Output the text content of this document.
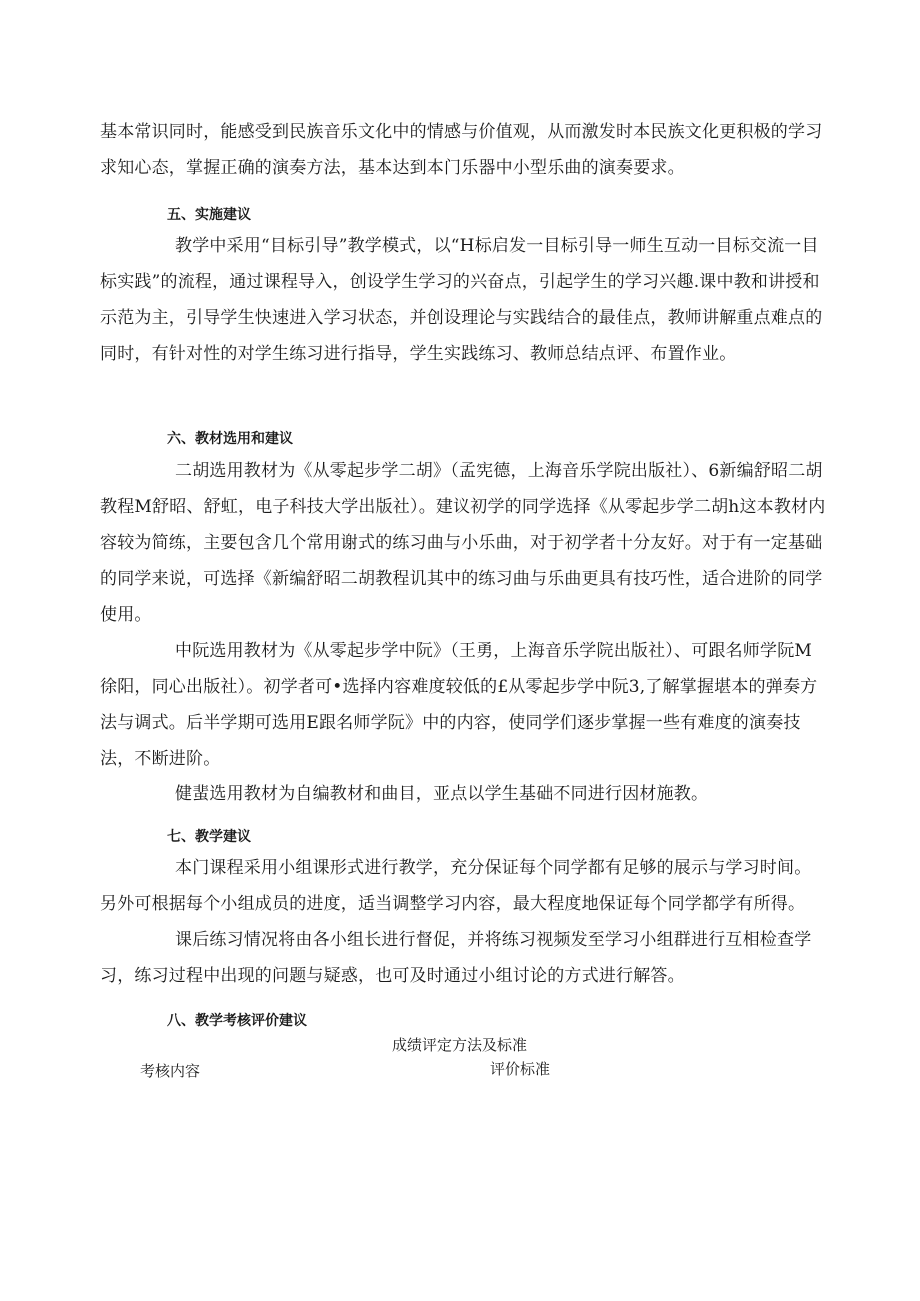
基本常识同时，能感受到民族音乐文化中的情感与价值观，从而激发时本民族文化更积极的学习求知心态，掌握正确的演奏方法，基本达到本门乐器中小型乐曲的演奏要求。

五、实施建议

教学中采用“目标引导”教学模式，以“H标启发一目标引导一师生互动一目标交流一目标实践”的流程，通过课程导入，创设学生学习的兴奋点，引起学生的学习兴趣.课中教和讲授和示范为主，引导学生快速进入学习状态，并创设理论与实践结合的最佳点，教师讲解重点难点的同时，有针对性的对学生练习进行指导，学生实践练习、教师总结点评、布置作业。

六、教材选用和建议

二胡选用教材为《从零起步学二胡》（孟宪德，上海音乐学院出版社）、6新编舒昭二胡教程M舒昭、舒虹，电子科技大学出版社）。建议初学的同学选择《从零起步学二胡h这本教材内容较为简练，主要包含几个常用谢式的练习曲与小乐曲，对于初学者十分友好。对于有一定基础的同学来说，可选择《新编舒昭二胡教程讥其中的练习曲与乐曲更具有技巧性，适合进阶的同学使用。

中阮选用教材为《从零起步学中阮》（王勇，上海音乐学院出版社）、可跟名师学阮M徐阳，同心出版社）。初学者可•选择内容难度较低的£从零起步学中阮3,了解掌握堪本的弹奏方法与调式。后半学期可选用E跟名师学阮》中的内容，使同学们逐步掌握一些有难度的演奏技法，不断进阶。

健蜚选用教材为自编教材和曲目，亚点以学生基础不同进行因材施教。

七、教学建议

本门课程采用小组课形式进行教学，充分保证每个同学都有足够的展示与学习时间。另外可根据每个小组成员的进度，适当调整学习内容，最大程度地保证每个同学都学有所得。

课后练习情况将由各小组长进行督促，并将练习视频发至学习小组群进行互相检查学习，练习过程中出现的问题与疑惑，也可及时通过小组讨论的方式进行解答。

八、教学考核评价建议

成绩评定方法及标准

考核内容	评价标准
